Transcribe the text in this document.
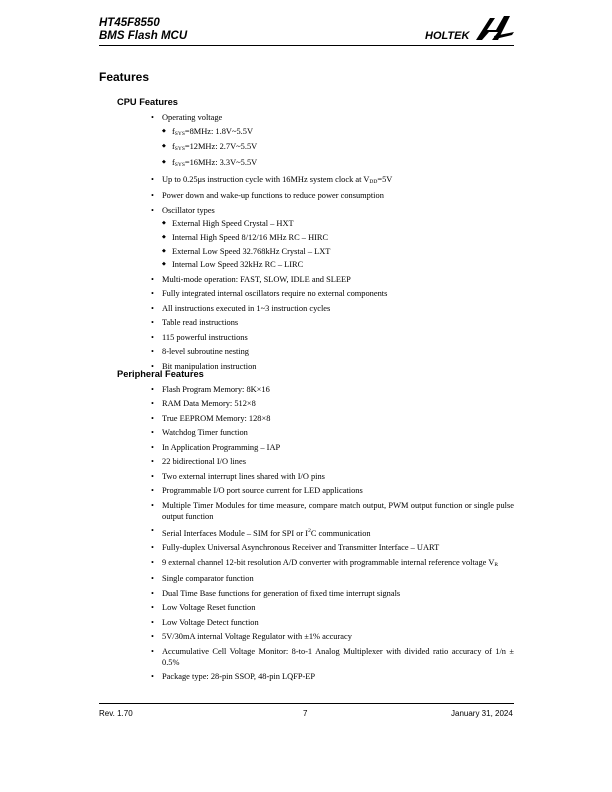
HT45F8550
BMS Flash MCU	HOLTEK
Features
CPU Features
• Operating voltage
◆ $f_{SYS}=8MHz$: 1.8V~5.5V
◆ $f_{SYS}=12MHz$: 2.7V~5.5V
◆ $f_{SYS}=16MHz$: 3.3V~5.5V
• Up to 0.25μs instruction cycle with 16MHz system clock at $V_{DD}=5V$
• Power down and wake-up functions to reduce power consumption
• Oscillator types
◆ External High Speed Crystal – HXT
◆ Internal High Speed 8/12/16 MHz RC – HIRC
◆ External Low Speed 32.768kHz Crystal – LXT
◆ Internal Low Speed 32kHz RC – LIRC
• Multi-mode operation: FAST, SLOW, IDLE and SLEEP
• Fully integrated internal oscillators require no external components
• All instructions executed in 1~3 instruction cycles
• Table read instructions
• 115 powerful instructions
• 8-level subroutine nesting
• Bit manipulation instruction
Peripheral Features
• Flash Program Memory: 8K×16
• RAM Data Memory: 512×8
• True EEPROM Memory: 128×8
• Watchdog Timer function
• In Application Programming – IAP
• 22 bidirectional I/O lines
• Two external interrupt lines shared with I/O pins
• Programmable I/O port source current for LED applications
• Multiple Timer Modules for time measure, compare match output, PWM output function or single pulse output function
• Serial Interfaces Module – SIM for SPI or $I^2C$ communication
• Fully-duplex Universal Asynchronous Receiver and Transmitter Interface – UART
• 9 external channel 12-bit resolution A/D converter with programmable internal reference voltage $V_R$
• Single comparator function
• Dual Time Base functions for generation of fixed time interrupt signals
• Low Voltage Reset function
• Low Voltage Detect function
• 5V/30mA internal Voltage Regulator with ±1% accuracy
• Accumulative Cell Voltage Monitor: 8-to-1 Analog Multiplexer with divided ratio accuracy of 1/n ± 0.5%
• Package type: 28-pin SSOP, 48-pin LQFP-EP
Rev. 1.70	7	January 31, 2024
